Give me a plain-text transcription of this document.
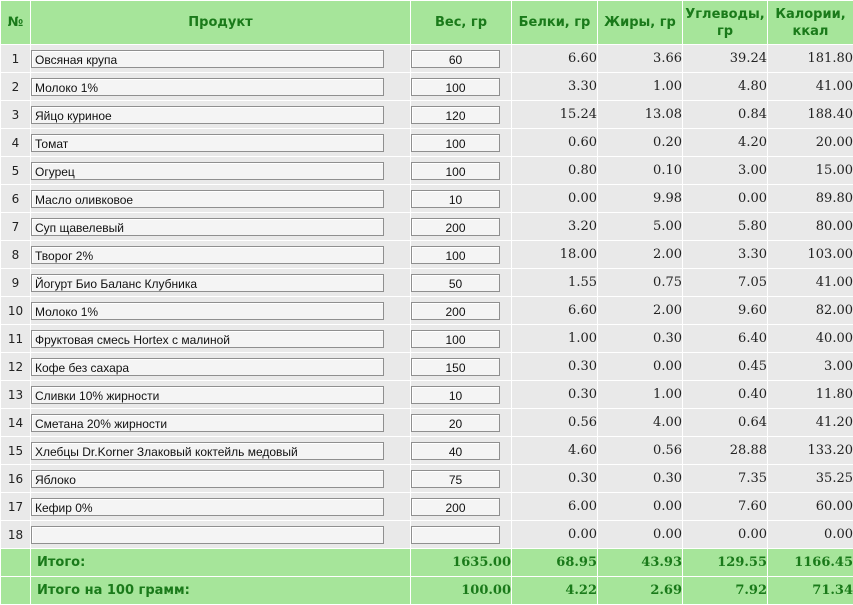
№	Продукт	Вес, гр	Белки, гр	Жиры, гр	Углеводы, гр	Калории, ккал
1	Овсяная крупа	60	6.60	3.66	39.24	181.80
2	Молоко 1%	100	3.30	1.00	4.80	41.00
3	Яйцо куриное	120	15.24	13.08	0.84	188.40
4	Томат	100	0.60	0.20	4.20	20.00
5	Огурец	100	0.80	0.10	3.00	15.00
6	Масло оливковое	10	0.00	9.98	0.00	89.80
7	Суп щавелевый	200	3.20	5.00	5.80	80.00
8	Творог 2%	100	18.00	2.00	3.30	103.00
9	Йогурт Био Баланс Клубника	50	1.55	0.75	7.05	41.00
10	Молоко 1%	200	6.60	2.00	9.60	82.00
11	Фруктовая смесь Hortex с малиной	100	1.00	0.30	6.40	40.00
12	Кофе без сахара	150	0.30	0.00	0.45	3.00
13	Сливки 10% жирности	10	0.30	1.00	0.40	11.80
14	Сметана 20% жирности	20	0.56	4.00	0.64	41.20
15	Хлебцы Dr.Korner Злаковый коктейль медовый	40	4.60	0.56	28.88	133.20
16	Яблоко	75	0.30	0.30	7.35	35.25
17	Кефир 0%	200	6.00	0.00	7.60	60.00
18			0.00	0.00	0.00	0.00
	Итого:	1635.00	68.95	43.93	129.55	1166.45
	Итого на 100 грамм:	100.00	4.22	2.69	7.92	71.34
